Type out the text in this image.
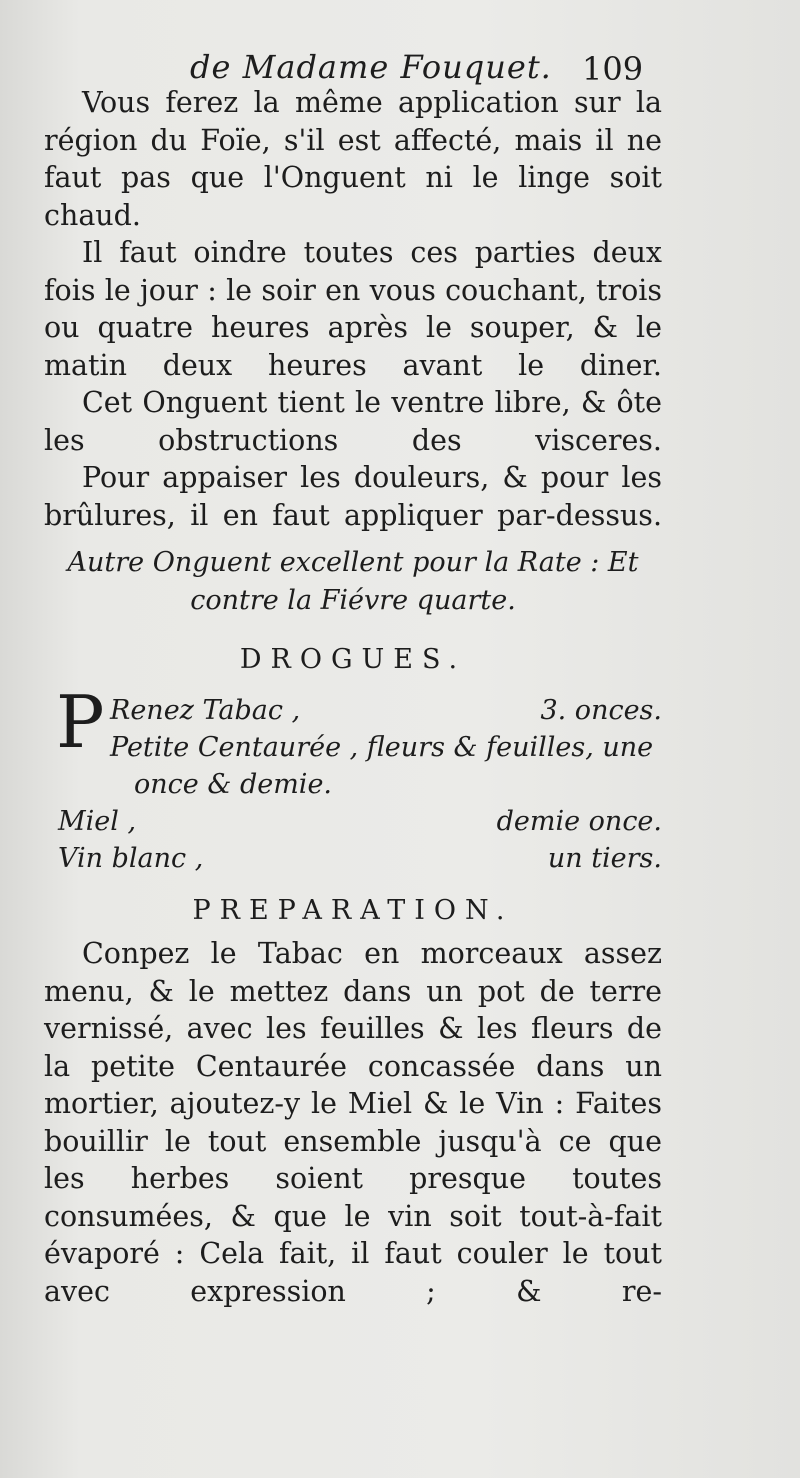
de Madame Fouquet. 109

Vous ferez la même application sur la région du Foïe, s'il est affecté, mais il ne faut pas que l'Onguent ni le linge soit chaud.

Il faut oindre toutes ces parties deux fois le jour : le soir en vous couchant, trois ou quatre heures après le souper, & le matin deux heures avant le diner.

Cet Onguent tient le ventre libre, & ôte les obstructions des visceres.

Pour appaiser les douleurs, & pour les brûlures, il en faut appliquer par-dessus.

Autre Onguent excellent pour la Rate : Et
contre la Fiévre quarte.
DROGUES.
P Renez Tabac ,	3. onces.
Petite Centaurée , fleurs & feuilles, une
once & demie.
Miel ,	demie once.
Vin blanc ,	un tiers.
PREPARATION.

Conpez le Tabac en morceaux assez menu, & le mettez dans un pot de terre vernissé, avec les feuilles & les fleurs de la petite Centaurée concassée dans un mortier, ajoutez-y le Miel & le Vin : Faites bouillir le tout ensemble jusqu'à ce que les herbes soient presque toutes consumées, & que le vin soit tout-à-fait évaporé : Cela fait, il faut couler le tout avec expression ; & re-
